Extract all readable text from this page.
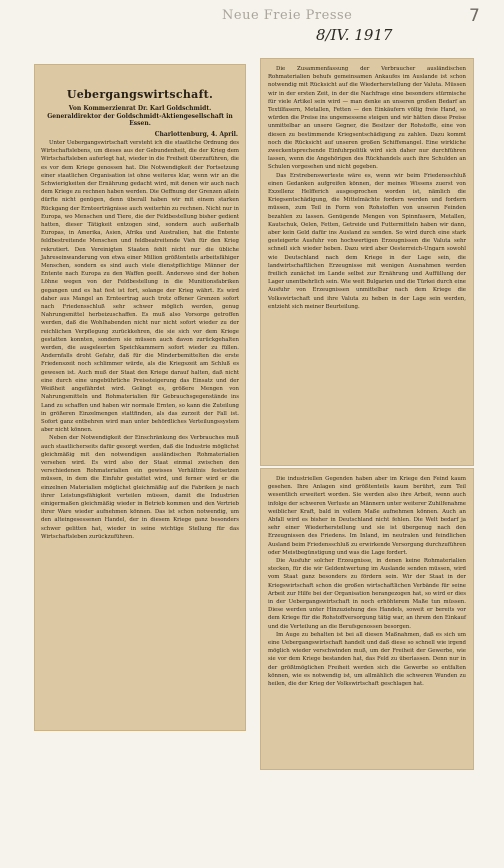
Neue Freie Presse
8/IV. 1917
7
Uebergangswirtschaft.
Von Kommerzienrat Dr. Karl Goldschmidt.
Generaldirektor der Goldschmidt-Aktiengesellschaft in Essen.
Charlottenburg, 4. April.

Unter Uebergangswirtschaft versteht ich die staatliche Ordnung des Wirtschaftslebens, um dieses aus der Gebundenheit, die der Krieg dem Wirtschaftsleben auferlegt hat, wieder in die Freiheit überzuführen, die es vor dem Kriege genossen hat. Die Notwendigkeit der Fortsetzung einer staatlichen Organisation ist ohne weiteres klar, wenn wir an die Schwierigkeiten der Ernährung gedacht wird, mit denen wir auch nach dem Kriege zu rechnen haben werden. Die Oeffnung der Grenzen allein dürfte nicht genügen, denn überall haben wir mit einem starken Rückgang der Ernteerträgnisse auch weiterhin zu rechnen. Nicht nur in Europa, wo Menschen und Tiere, die der Feldbestellung bisher gedient hatten, dieser Tätigkeit entzogen sind, sondern auch außerhalb Europas, in Amerika, Asien, Afrika und Australien, hat die Entente feldbestreitende Menschen und feldbeatreitende Vieh für den Krieg rekrutiert. Den Vereinigten Staaten fehlt nicht nur die übliche Jahreseinwanderung von etwa einer Million größtenteils arbeitsfähiger Menschen, sondern es sind auch viele dienstpflichtige Männer der Entente nach Europa zu den Waffen geeilt. Anderswo sind der hohen Löhne wegen von der Feldbestellung in die Munitionsfabriken gegangen und es hat fest ist fort, solange der Krieg währt. Es wird daher aus Mangel an Ernteertrag auch trotz offener Grenzen sofort nach Friedensschluß sehr schwer möglich werden, genug Nahrungsmittel herbeizuschaffen. Es muß also Vorsorge getroffen werden, daß die Wohlhabenden nicht nur nicht sofort wieder zu der reichlichen Verpflegung zurückkehren, die sie sich vor dem Kriege gestatten konnten, sondern sie müssen auch davon zurückgehalten werden, die ausgeleerten Speichkammern sofort wieder zu füllen. Andernfalls droht Gefahr, daß für die Minderbemittelten die erste Friedenszeit noch schlimmer würde, als die Kriegszeit am Schluß es gewesen ist. Auch muß der Staat den Kriege darauf halten, daß nicht eine durch eine ungebührliche Preissteigerung das Einsatz und der Weißheit angefährdet wird. Gelingt es, größere Mengen von Nahrungsmitteln und Rohmaterialien für Gebrauchsgegenstände ins Land zu schaffen und haben wir normale Ernten, so kann die Zuteilung in größeren Einzelmengen stattfinden, als das zurzeit der Fall ist. Sofort ganz entbehren wird man unter behördliches Verteilungssystem aber nicht können.

Neben der Notwendigkeit der Einschränkung des Verbrauches muß auch staatlicherseits dafür gesorgt werden, daß die Industrie möglichst gleichmäßig mit den notwendigen ausländischen Rohmaterialien versehen wird. Es wird also der Staat einmal zwischen den verschiedenen Rohmaterialien ein gewisses Verhältnis festsetzen müssen, in dem die Einfuhr gestattet wird, und ferner wird er die einzelnen Materialien möglichst gleichmäßig auf die Fabriken je nach ihrer Leistungsfähigkeit verteilen müssen, damit die Industrien einigermaßen gleichmäßig wieder in Betrieb kommen und den Vertrieb ihrer Ware wieder aufnehmen können. Das ist schon notwendig, um den alteingesessenen Handel, der in diesem Kriege ganz besonders schwer gelitten hat, wieder in seine wichtige Stellung für das Wirtschaftsleben zurückzuführen.

Die Zusammenfassung der Verbraucher ausländischen Rohmaterialien behufs gemeinsamen Ankaufes im Auslande ist schon notwendig mit Rücksicht auf die Wiederherstellung der Valuta. Müssen wir in der ersten Zeit, in der die Nachfrage eine besonders stürmische für viele Artikel sein wird — man denke an unseren großen Bedarf an Textilfasern, Metallen, Fetten — den Einkäufern völlig freie Hand, so würden die Preise ins ungemessene steigen und wir hätten diese Preise unmittelbar an unsere Gegner, die Besitzer der Rohstoffe, eine von diesen zu bestimmende Kriegsentschädigung zu zahlen. Dazu kommt noch die Rücksicht auf unseren großen Schiffsmangel. Eine wirkliche zweckentsprechende Einfuhrpolitik wird sich daher nur durchführen lassen, wenn die Angehörigen des Rückhandels auch ihre Schulden an Schulen vorgesehen und nicht gegeben.

Das Erstrebenswerteste wäre es, wenn wir beim Friedensschluß einen Gedanken aufgreifen können, der meines Wissens zuerst von Exzellenz Helfferich ausgesprochen worden ist, nämlich die Kriegsentschädigung, die Mittelmächte fordern werden und fordern müssen, zum Teil in Form von Rohstoffen von unseren Feinden bezahlen zu lassen. Genügende Mengen von Spinnfasern, Metallen, Kautschuk, Oelen, Fetten, Getreide und Futtermitteln haben wir dann, aber kein Geld dafür ins Ausland zu senden. So wird durch eine stark gesteigerte Ausfuhr von hochwertigen Erzeugnissen die Valuta sehr schnell sich wieder heben. Dazu wird aber Oesterreich-Ungarn sowohl wie Deutschland nach dem Kriege in der Lage sein, die landwirtschaftlichen Erzeugnisse mit wenigen Ausnahmen werden freilich zunächst im Lande selbst zur Ernährung und Auffüllung der Lager unentbehrlich sein. Wie weit Bulgarien und die Türkei durch eine Ausfuhr von Erzeugnissen unmittelbar nach dem Kriege die Volkswirtschaft und ihre Valuta zu heben in der Lage sein werden, entzieht sich meiner Beurteilung.

Die industriellen Gegenden haben aber im Kriege den Feind kaum gesehen. Ihre Anlagen sind größtenteils kaum berührt, zum Teil wesentlich erweitert worden. Sie werden also ihre Arbeit, wenn auch infolge der schweren Verluste an Männern unter weiterer Zuhilfenahme weiblicher Kraft, bald in vollem Maße aufnehmen können. Auch an Abfall wird es bisher in Deutschland nicht fehlen. Die Welt bedarf ja sehr einer Wiederherstellung und sie ist übergenug nach den Erzeugnissen des Friedens. Im Inland, im neutralen und feindlichen Ausland beim Friedensschluß zu erwirkende Versorgung durchzuführen oder Meistbegünstigung und was die Lage fordert.

Die Ausfuhr solcher Erzeugnisse, in denen keine Rohmaterialien stecken, für die wir Geldentwertung im Auslande senden müssen, wird vom Staat ganz besonders zu fördern sein. Wir der Staat in der Kriegswirtschaft schon die großen wirtschaftlichen Verbände für seine Arbeit zur Hilfe bei der Organisation herangezogen hat, so wird er dies in der Uebergangswirtschaft in noch erhöhterem Maße tun müssen. Diese werden unter Hinzuziehung des Handels, soweit er bereits vor dem Kriege für die Rohstoffversorgung tätig war, an ihrem den Einkauf und die Verteilung an die Berufsgenossen besorgen.

Im Auge zu behalten ist bei all diesen Maßnahmen, daß es sich um eine Uebergangswirtschaft handelt und daß diese so schnell wie irgend möglich wieder verschwinden muß, um der Freiheit der Gewerbe, wie sie vor dem Kriege bestanden hat, das Feld zu überlassen. Denn nur in der größtmöglichen Freiheit werden sich die Gewerbe so entfalten können, wie es notwendig ist, um allmählich die schweren Wunden zu heilen, die der Krieg der Volkswirtschaft geschlagen hat.
